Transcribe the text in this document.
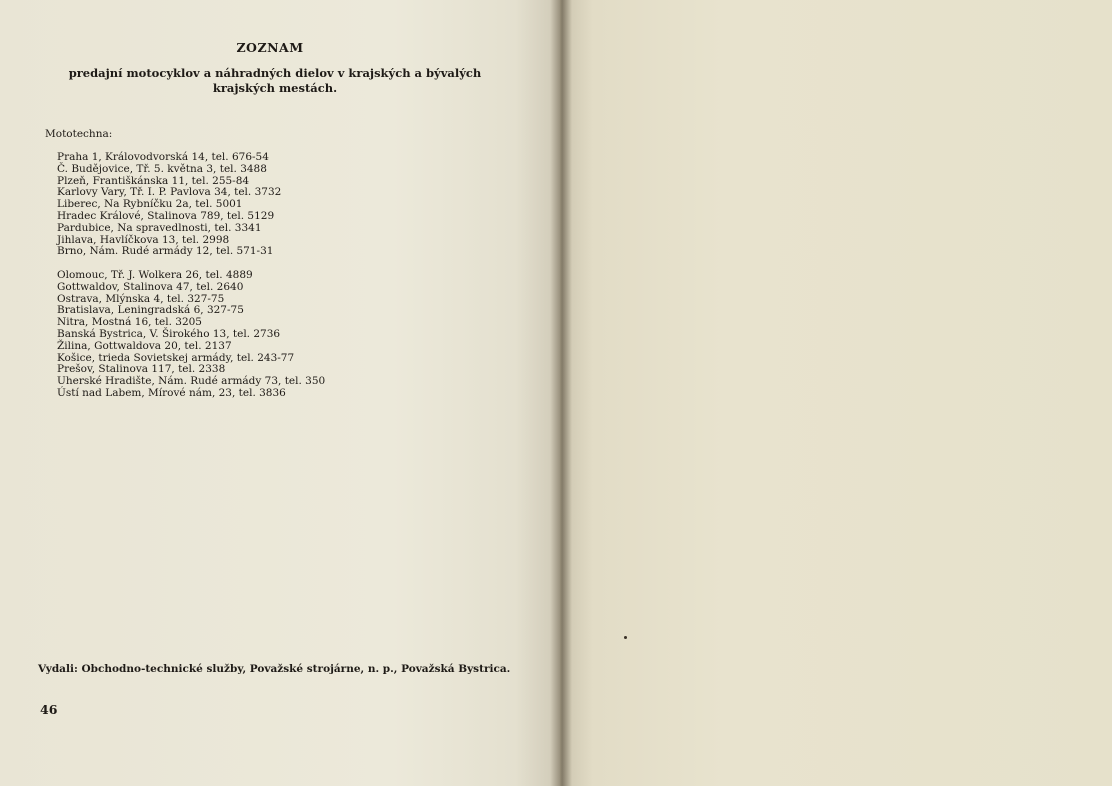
ZOZNAM
predajní motocyklov a náhradných dielov v krajských a bývalých krajských mestách.
Mototechna:
Praha 1, Královodvorská 14, tel. 676-54
Č. Budějovice, Tř. 5. května 3, tel. 3488
Plzeň, Františkánska 11, tel. 255-84
Karlovy Vary, Tř. I. P. Pavlova 34, tel. 3732
Liberec, Na Rybníčku 2a, tel. 5001
Hradec Králové, Stalinova 789, tel. 5129
Pardubice, Na spravedlnosti, tel. 3341
Jihlava, Havlíčkova 13, tel. 2998
Brno, Nám. Rudé armády 12, tel. 571-31
Olomouc, Tř. J. Wolkera 26, tel. 4889
Gottwaldov, Stalinova 47, tel. 2640
Ostrava, Mlýnska 4, tel. 327-75
Bratislava, Leningradská 6, 327-75
Nitra, Mostná 16, tel. 3205
Banská Bystrica, V. Širokého 13, tel. 2736
Žilina, Gottwaldova 20, tel. 2137
Košice, trieda Sovietskej armády, tel. 243-77
Prešov, Stalinova 117, tel. 2338
Uherské Hradište, Nám. Rudé armády 73, tel. 350
Ústí nad Labem, Mírové nám, 23, tel. 3836
Vydali: Obchodno-technické služby, Považské strojárne, n. p., Považská Bystrica.
46
